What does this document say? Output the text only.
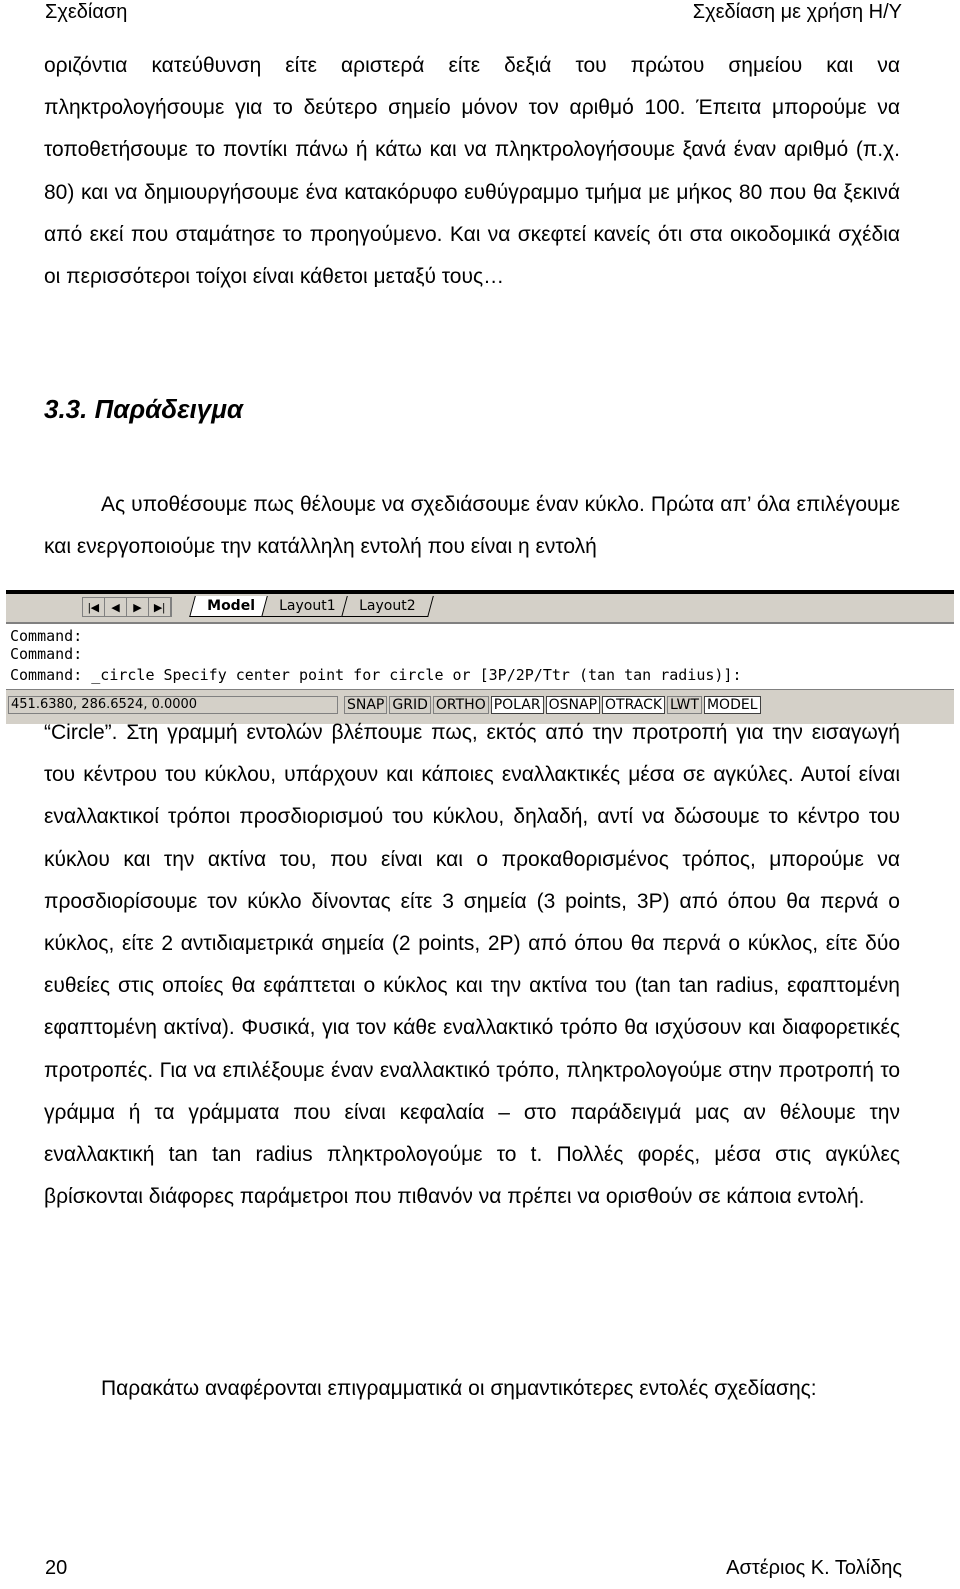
Σχεδίαση	Σχεδίαση με χρήση Η/Υ

οριζόντια κατεύθυνση είτε αριστερά είτε δεξιά του πρώτου σημείου και να πληκτρολογήσουμε για το δεύτερο σημείο μόνον τον αριθμό 100. Έπειτα μπορούμε να τοποθετήσουμε το ποντίκι πάνω ή κάτω και να πληκτρολογήσουμε ξανά έναν αριθμό (π.χ. 80) και να δημιουργήσουμε ένα κατακόρυφο ευθύγραμμο τμήμα με μήκος 80 που θα ξεκινά από εκεί που σταμάτησε το προηγούμενο. Και να σκεφτεί κανείς ότι στα οικοδομικά σχέδια οι περισσότεροι τοίχοι είναι κάθετοι μεταξύ τους…

3.3. Παράδειγμα

Ας υποθέσουμε πως θέλουμε να σχεδιάσουμε έναν κύκλο. Πρώτα απ’ όλα επιλέγουμε και ενεργοποιούμε την κατάλληλη εντολή που είναι η εντολή

|◀	◀	▶	▶|	Model Layout1 Layout2
Command:
Command:
Command: _circle Specify center point for circle or [3P/2P/Ttr (tan tan radius)]:
451.6380, 286.6524, 0.0000	SNAP GRID ORTHO POLAR OSNAP OTRACK LWT MODEL

“Circle”. Στη γραμμή εντολών βλέπουμε πως, εκτός από την προτροπή για την εισαγωγή του κέντρου του κύκλου, υπάρχουν και κάποιες εναλλακτικές μέσα σε αγκύλες. Αυτοί είναι εναλλακτικοί τρόποι προσδιορισμού του κύκλου, δηλαδή, αντί να δώσουμε το κέντρο του κύκλου και την ακτίνα του, που είναι και ο προκαθορισμένος τρόπος, μπορούμε να προσδιορίσουμε τον κύκλο δίνοντας είτε 3 σημεία (3 points, 3P) από όπου θα περνά ο κύκλος, είτε 2 αντιδιαμετρικά σημεία (2 points, 2P) από όπου θα περνά ο κύκλος, είτε δύο ευθείες στις οποίες θα εφάπτεται ο κύκλος και την ακτίνα του (tan tan radius, εφαπτομένη εφαπτομένη ακτίνα). Φυσικά, για τον κάθε εναλλακτικό τρόπο θα ισχύσουν και διαφορετικές προτροπές. Για να επιλέξουμε έναν εναλλακτικό τρόπο, πληκτρολογούμε στην προτροπή το γράμμα ή τα γράμματα που είναι κεφαλαία – στο παράδειγμά μας αν θέλουμε την εναλλακτική tan tan radius πληκτρολογούμε το t. Πολλές φορές, μέσα στις αγκύλες βρίσκονται διάφορες παράμετροι που πιθανόν να πρέπει να ορισθούν σε κάποια εντολή.

Παρακάτω αναφέρονται επιγραμματικά οι σημαντικότερες εντολές σχεδίασης:

20	Αστέριος Κ. Τολίδης
